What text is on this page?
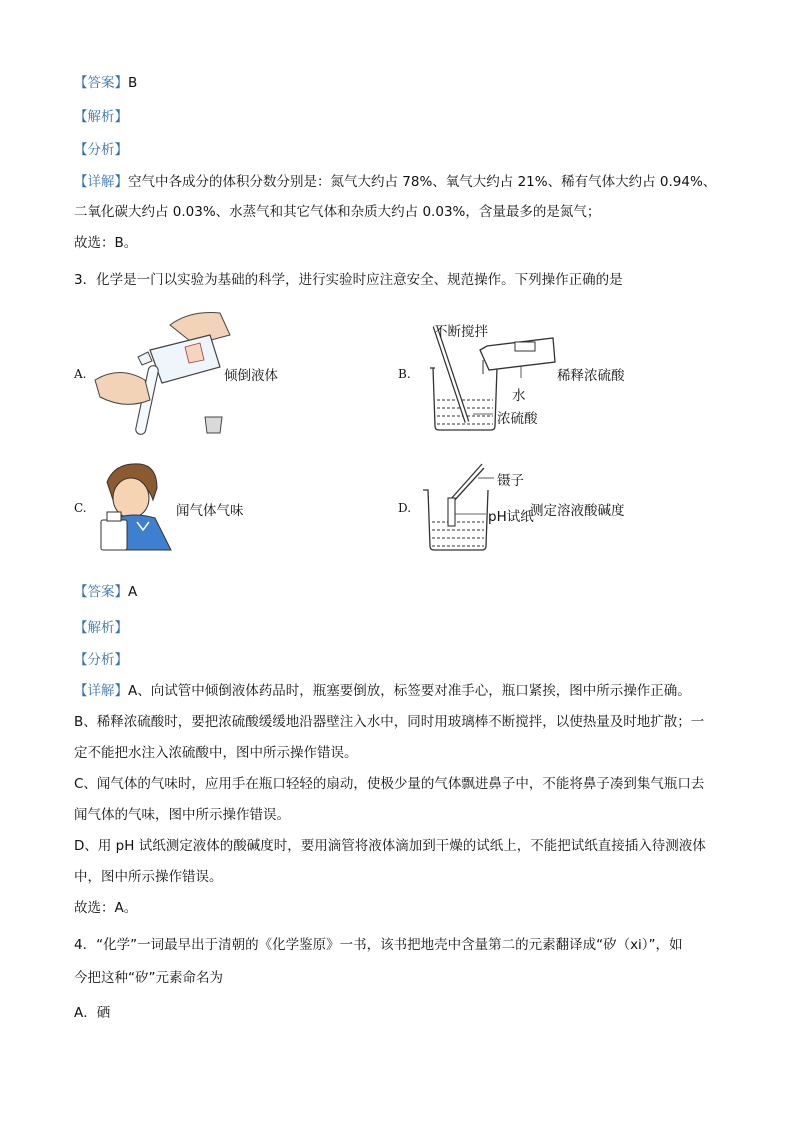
【答案】B
【解析】
【分析】
【详解】空气中各成分的体积分数分别是：氮气大约占 78%、氧气大约占 21%、稀有气体大约占 0.94%、
二氧化碳大约占 0.03%、水蒸气和其它气体和杂质大约占 0.03%，含量最多的是氮气；
故选：B。
3．化学是一门以实验为基础的科学，进行实验时应注意安全、规范操作。下列操作正确的是
A.	倾倒液体	B.
不断搅拌
稀释浓硫酸
水
浓硫酸
C.	闻气体气味	D.
镊子
pH试纸
测定溶液酸碱度
【答案】A
【解析】
【分析】
【详解】A、向试管中倾倒液体药品时，瓶塞要倒放，标签要对准手心，瓶口紧挨，图中所示操作正确。
B、稀释浓硫酸时，要把浓硫酸缓缓地沿器壁注入水中，同时用玻璃棒不断搅拌，以使热量及时地扩散；一
定不能把水注入浓硫酸中，图中所示操作错误。
C、闻气体的气味时，应用手在瓶口轻轻的扇动，使极少量的气体飘进鼻子中，不能将鼻子凑到集气瓶口去
闻气体的气味，图中所示操作错误。
D、用 pH 试纸测定液体的酸碱度时，要用滴管将液体滴加到干燥的试纸上，不能把试纸直接插入待测液体
中，图中所示操作错误。
故选：A。
4．“化学”一词最早出于清朝的《化学鉴原》一书，该书把地壳中含量第二的元素翻译成“矽（xi）”，如
今把这种“矽”元素命名为
A．硒
